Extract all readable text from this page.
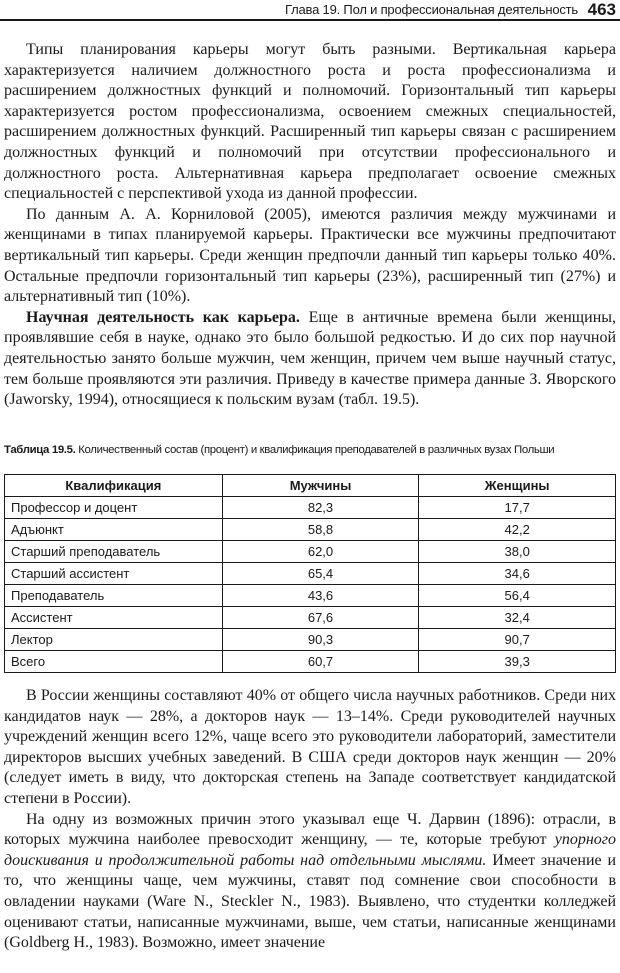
Глава 19. Пол и профессиональная деятельность 463

Типы планирования карьеры могут быть разными. Вертикальная карьера характеризуется наличием должностного роста и роста профессионализма и расширением должностных функций и полномочий. Горизонтальный тип карьеры характеризуется ростом профессионализма, освоением смежных специальностей, расширением должностных функций. Расширенный тип карьеры связан с расширением должностных функций и полномочий при отсутствии профессионального и должностного роста. Альтернативная карьера предполагает освоение смежных специальностей с перспективой ухода из данной профессии.

По данным А. А. Корниловой (2005), имеются различия между мужчинами и женщинами в типах планируемой карьеры. Практически все мужчины предпочитают вертикальный тип карьеры. Среди женщин предпочли данный тип карьеры только 40%. Остальные предпочли горизонтальный тип карьеры (23%), расширенный тип (27%) и альтернативный тип (10%).

Научная деятельность как карьера. Еще в античные времена были женщины, проявлявшие себя в науке, однако это было большой редкостью. И до сих пор научной деятельностью занято больше мужчин, чем женщин, причем чем выше научный статус, тем больше проявляются эти различия. Приведу в качестве примера данные З. Яворского (Jaworsky, 1994), относящиеся к польским вузам (табл. 19.5).

Таблица 19.5. Количественный состав (процент) и квалификация преподавателей в различных вузах Польши
Квалификация	Мужчины	Женщины
Профессор и доцент	82,3	17,7
Адъюнкт	58,8	42,2
Старший преподаватель	62,0	38,0
Старший ассистент	65,4	34,6
Преподаватель	43,6	56,4
Ассистент	67,6	32,4
Лектор	90,3	90,7
Всего	60,7	39,3

В России женщины составляют 40% от общего числа научных работников. Среди них кандидатов наук — 28%, а докторов наук — 13–14%. Среди руководителей научных учреждений женщин всего 12%, чаще всего это руководители лабораторий, заместители директоров высших учебных заведений. В США среди докторов наук женщин — 20% (следует иметь в виду, что докторская степень на Западе соответствует кандидатской степени в России).

На одну из возможных причин этого указывал еще Ч. Дарвин (1896): отрасли, в которых мужчина наиболее превосходит женщину, — те, которые требуют упорного доискивания и продолжительной работы над отдельными мыслями. Имеет значение и то, что женщины чаще, чем мужчины, ставят под сомнение свои способности в овладении науками (Ware N., Steckler N., 1983). Выявлено, что студентки колледжей оценивают статьи, написанные мужчинами, выше, чем статьи, написанные женщинами (Goldberg H., 1983). Возможно, имеет значение
